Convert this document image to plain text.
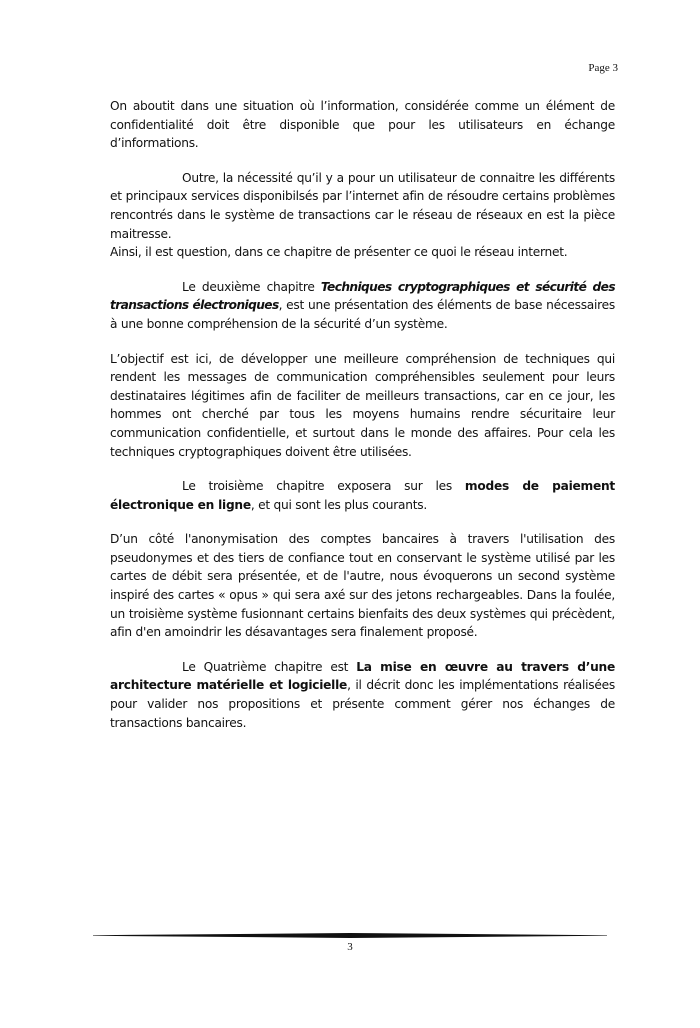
Page 3

On aboutit dans une situation où l’information, considérée comme un élément de confidentialité doit être disponible que pour les utilisateurs en échange d’informations.

Outre, la nécessité qu’il y a pour un utilisateur de connaitre les différents et principaux services disponibilsés par l’internet afin de résoudre certains problèmes rencontrés dans le système de transactions car le réseau de réseaux en est la pièce maitresse.

Ainsi, il est question, dans ce chapitre de présenter ce quoi le réseau internet.

Le deuxième chapitre Techniques cryptographiques et sécurité des transactions électroniques, est une présentation des éléments de base nécessaires à une bonne compréhension de la sécurité d’un système.

L’objectif est ici, de développer une meilleure compréhension de techniques qui rendent les messages de communication compréhensibles seulement pour leurs destinataires légitimes afin de faciliter de meilleurs transactions, car en ce jour, les hommes ont cherché par tous les moyens humains rendre sécuritaire leur communication confidentielle, et surtout dans le monde des affaires. Pour cela les techniques cryptographiques doivent être utilisées.

Le troisième chapitre exposera sur les modes de paiement électronique en ligne, et qui sont les plus courants.

D’un côté l'anonymisation des comptes bancaires à travers l'utilisation des pseudonymes et des tiers de confiance tout en conservant le système utilisé par les cartes de débit sera présentée, et de l'autre, nous évoquerons un second système inspiré des cartes « opus » qui sera axé sur des jetons rechargeables. Dans la foulée, un troisième système fusionnant certains bienfaits des deux systèmes qui précèdent, afin d'en amoindrir les désavantages sera finalement proposé.

Le Quatrième chapitre est La mise en œuvre au travers d’une architecture matérielle et logicielle, il décrit donc les implémentations réalisées pour valider nos propositions et présente comment gérer nos échanges de transactions bancaires.

3
